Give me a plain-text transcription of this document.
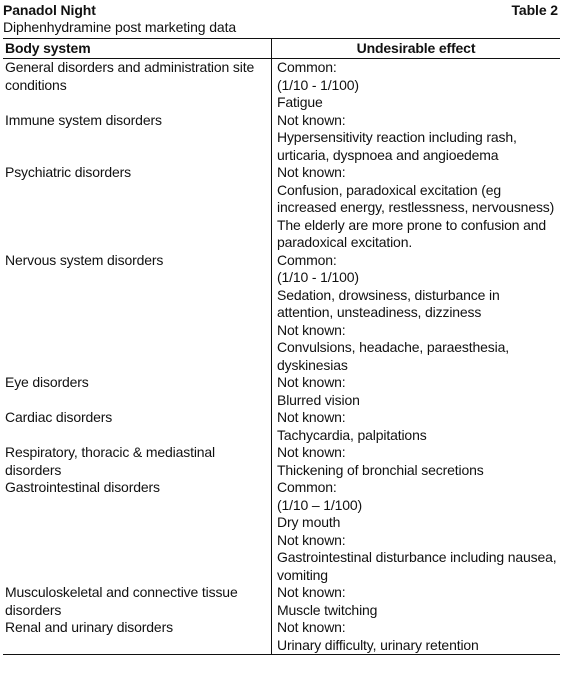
Panadol Night	Table 2
Diphenhydramine post marketing data
Body system	Undesirable effect
General disorders and administration site conditions	Common:
(1/10 - 1/100)
Fatigue

Immune system disorders	Not known:
Hypersensitivity reaction including rash, urticaria, dyspnoea and angioedema

Psychiatric disorders	Not known:
Confusion, paradoxical excitation (eg increased energy, restlessness, nervousness)
The elderly are more prone to confusion and paradoxical excitation.

Nervous system disorders	Common:
(1/10 - 1/100)
Sedation, drowsiness, disturbance in attention, unsteadiness, dizziness
Not known:
Convulsions, headache, paraesthesia, dyskinesias

Eye disorders	Not known:
Blurred vision

Cardiac disorders	Not known:
Tachycardia, palpitations

Respiratory, thoracic & mediastinal disorders	Not known:
Thickening of bronchial secretions

Gastrointestinal disorders	Common:
(1/10 – 1/100)
Dry mouth
Not known:
Gastrointestinal disturbance including nausea, vomiting

Musculoskeletal and connective tissue disorders	Not known:
Muscle twitching

Renal and urinary disorders	Not known:
Urinary difficulty, urinary retention
